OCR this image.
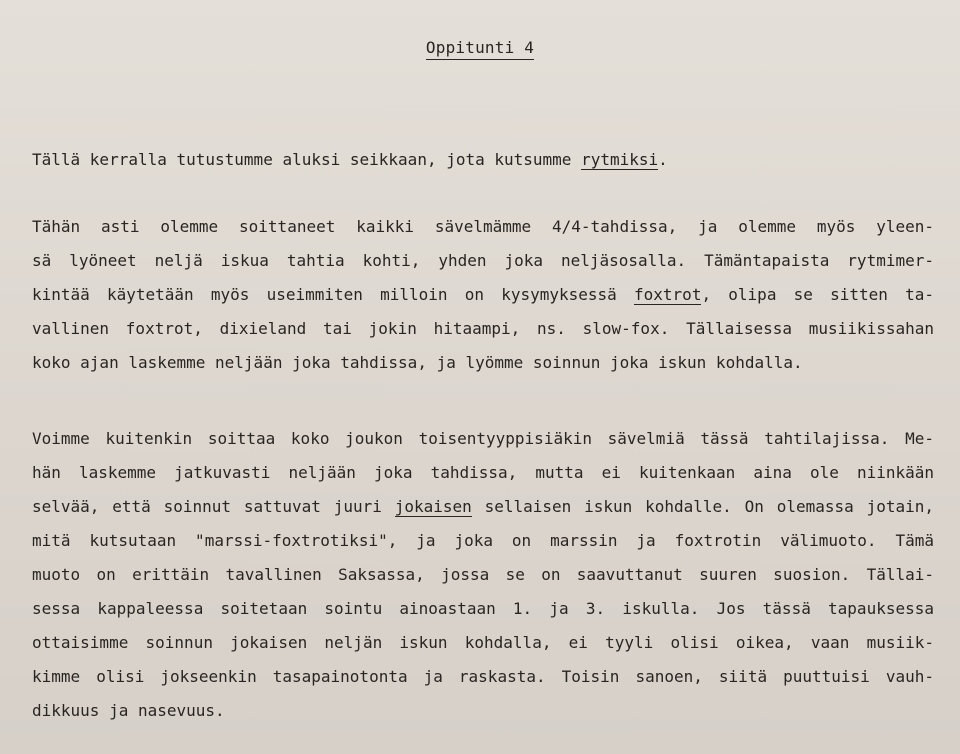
Oppitunti 4
Tällä kerralla tutustumme aluksi seikkaan, jota kutsumme rytmiksi.
Tähän asti olemme soittaneet kaikki sävelmämme 4/4-tahdissa, ja olemme myös yleen-
sä lyöneet neljä iskua tahtia kohti, yhden joka neljäsosalla. Tämäntapaista rytmimer-
kintää käytetään myös useimmiten milloin on kysymyksessä foxtrot, olipa se sitten ta-
vallinen foxtrot, dixieland tai jokin hitaampi, ns. slow-fox. Tällaisessa musiikissahan
koko ajan laskemme neljään joka tahdissa, ja lyömme soinnun joka iskun kohdalla.
Voimme kuitenkin soittaa koko joukon toisentyyppisiäkin sävelmiä tässä tahtilajissa. Me-
hän laskemme jatkuvasti neljään joka tahdissa, mutta ei kuitenkaan aina ole niinkään
selvää, että soinnut sattuvat juuri jokaisen sellaisen iskun kohdalle. On olemassa jotain,
mitä kutsutaan "marssi-foxtrotiksi", ja joka on marssin ja foxtrotin välimuoto. Tämä
muoto on erittäin tavallinen Saksassa, jossa se on saavuttanut suuren suosion. Tällai-
sessa kappaleessa soitetaan sointu ainoastaan 1. ja 3. iskulla. Jos tässä tapauksessa
ottaisimme soinnun jokaisen neljän iskun kohdalla, ei tyyli olisi oikea, vaan musiik-
kimme olisi jokseenkin tasapainotonta ja raskasta. Toisin sanoen, siitä puuttuisi vauh-
dikkuus ja nasevuus.
